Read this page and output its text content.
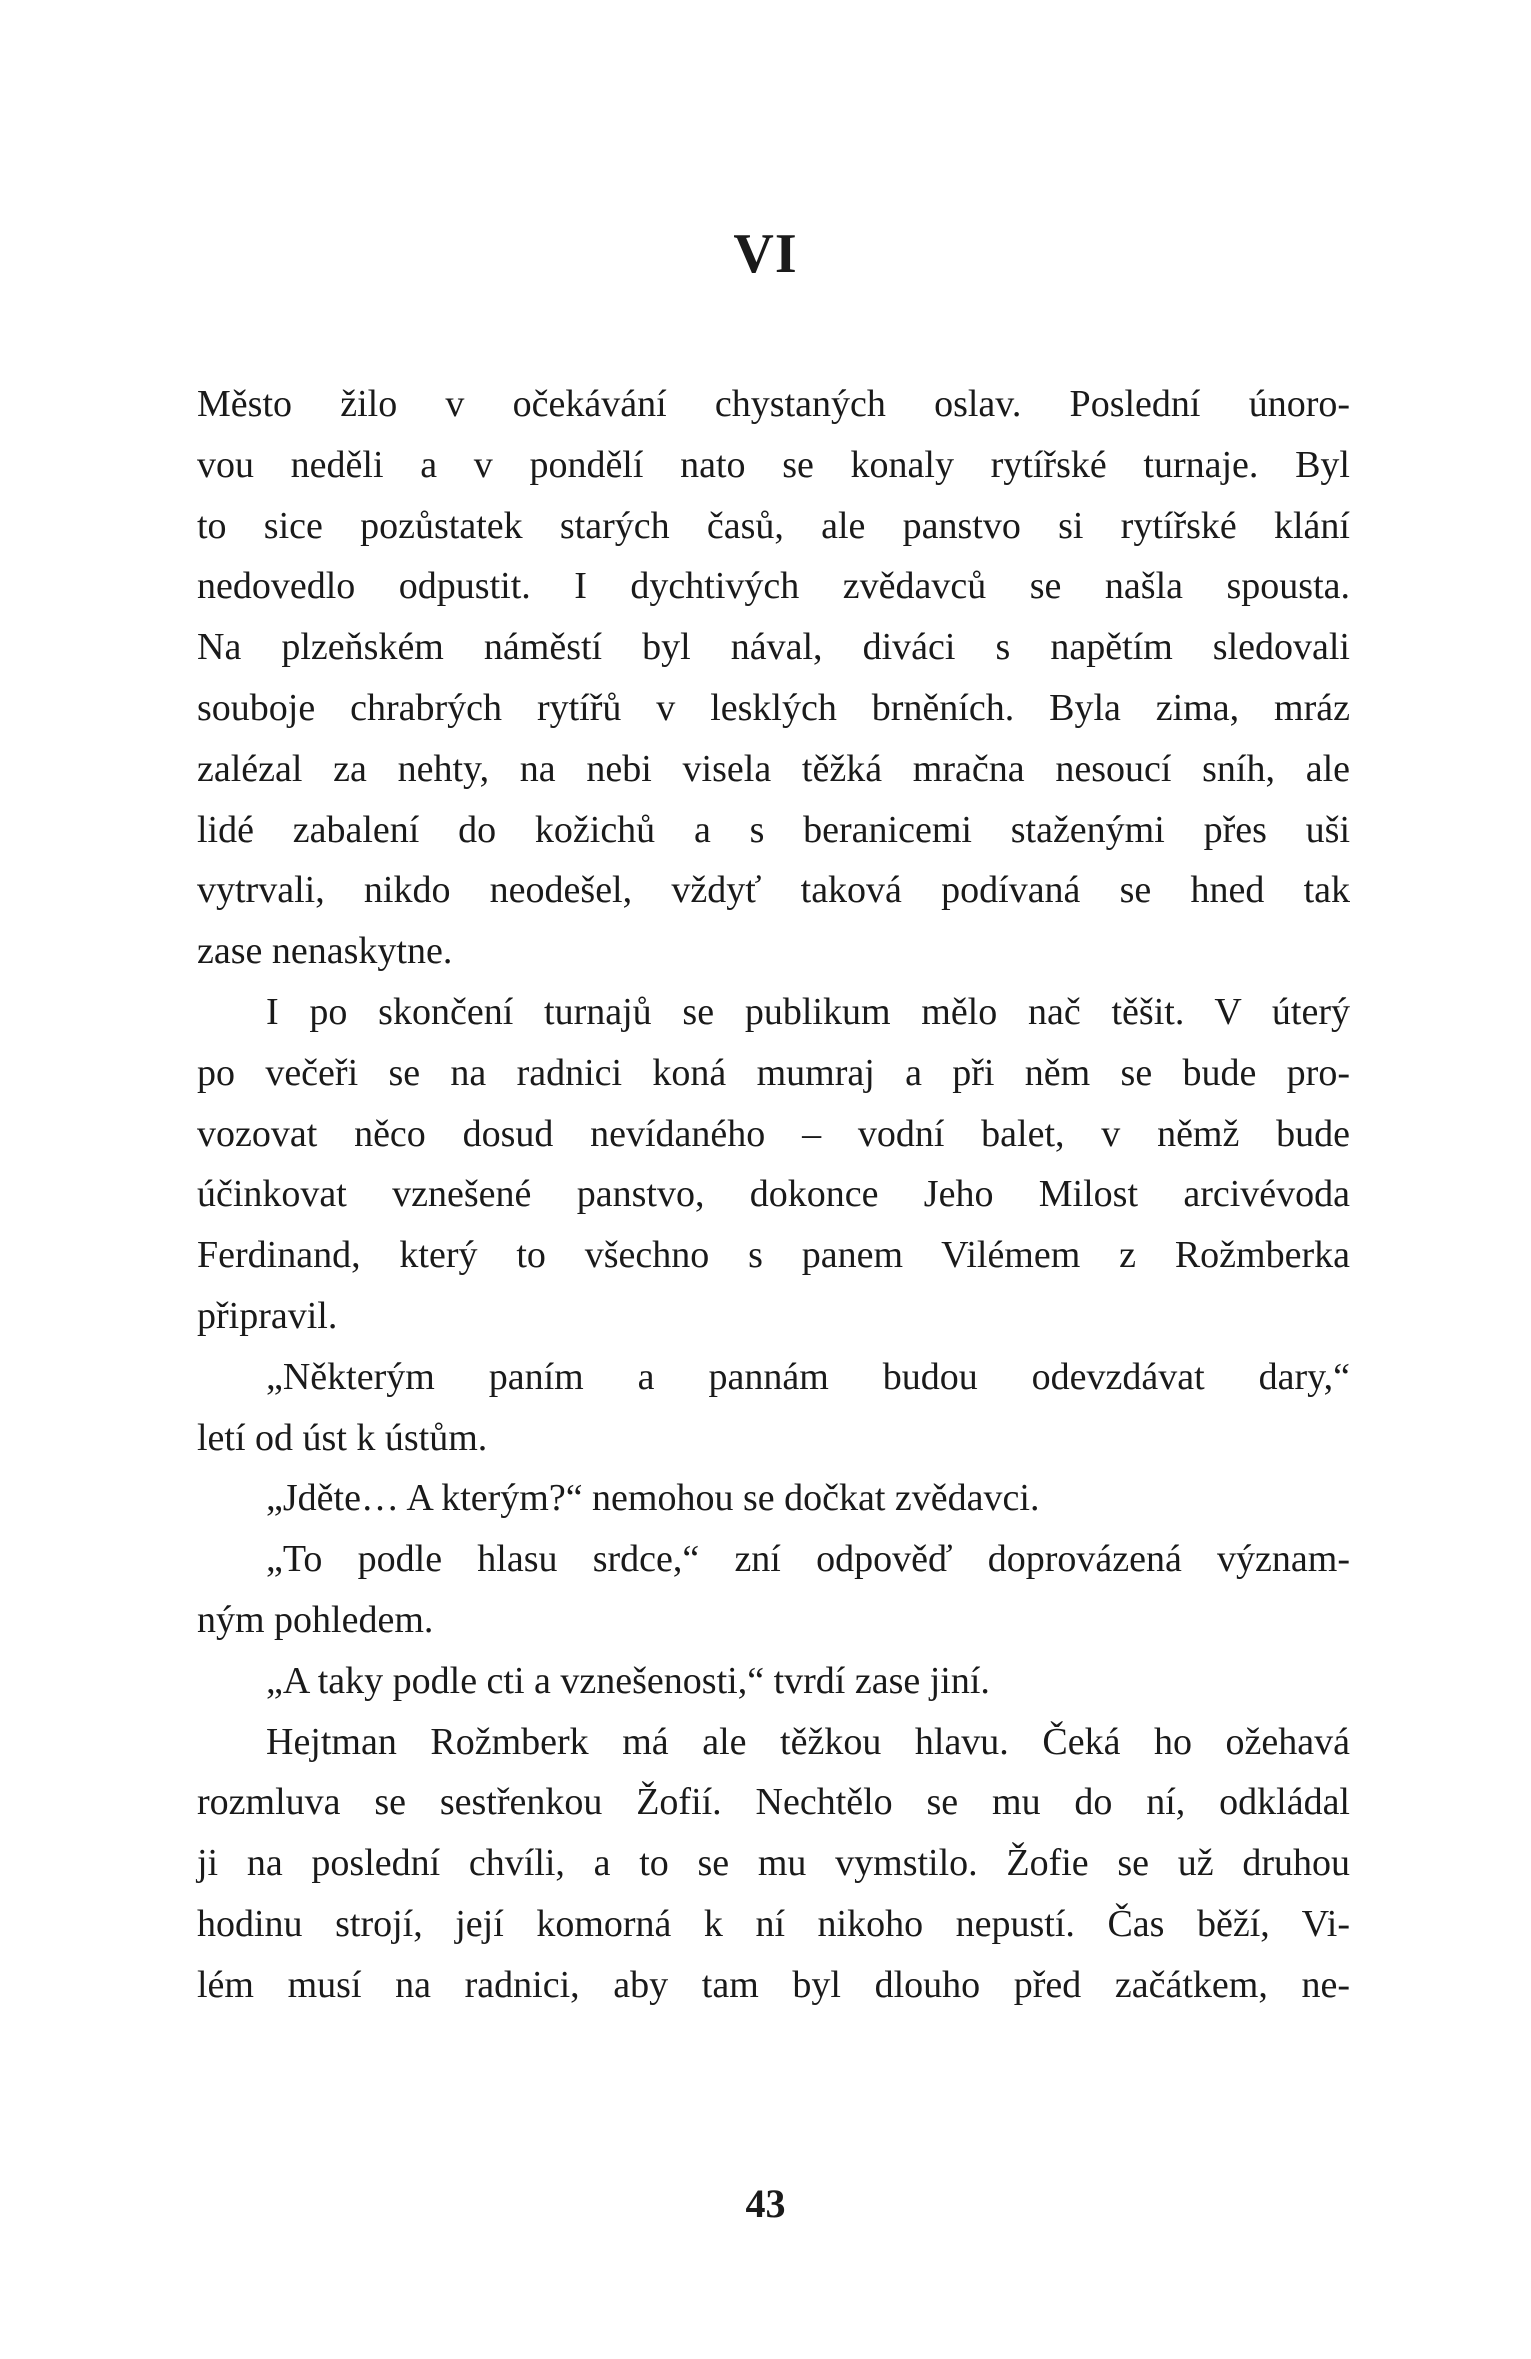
VI
Město žilo v očekávání chystaných oslav. Poslední únoro-
vou neděli a v pondělí nato se konaly rytířské turnaje. Byl
to sice pozůstatek starých časů, ale panstvo si rytířské klání
nedovedlo odpustit. I dychtivých zvědavců se našla spousta.
Na plzeňském náměstí byl nával, diváci s napětím sledovali
souboje chrabrých rytířů v lesklých brněních. Byla zima, mráz
zalézal za nehty, na nebi visela těžká mračna nesoucí sníh, ale
lidé zabalení do kožichů a s beranicemi staženými přes uši
vytrvali, nikdo neodešel, vždyť taková podívaná se hned tak
zase nenaskytne.
I po skončení turnajů se publikum mělo nač těšit. V úterý
po večeři se na radnici koná mumraj a při něm se bude pro-
vozovat něco dosud nevídaného – vodní balet, v němž bude
účinkovat vznešené panstvo, dokonce Jeho Milost arcivévoda
Ferdinand, který to všechno s panem Vilémem z Rožmberka
připravil.
„Některým paním a pannám budou odevzdávat dary,“
letí od úst k ústům.
„Jděte… A kterým?“ nemohou se dočkat zvědavci.
„To podle hlasu srdce,“ zní odpověď doprovázená význam-
ným pohledem.
„A taky podle cti a vznešenosti,“ tvrdí zase jiní.
Hejtman Rožmberk má ale těžkou hlavu. Čeká ho ožehavá
rozmluva se sestřenkou Žofií. Nechtělo se mu do ní, odkládal
ji na poslední chvíli, a to se mu vymstilo. Žofie se už druhou
hodinu strojí, její komorná k ní nikoho nepustí. Čas běží, Vi-
lém musí na radnici, aby tam byl dlouho před začátkem, ne-
43
